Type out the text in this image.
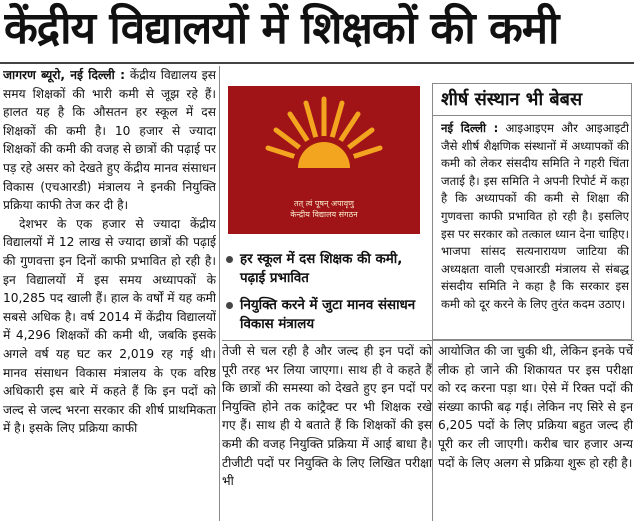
केंद्रीय विद्यालयों में शिक्षकों की कमी

जागरण ब्यूरो, नई दिल्ली : केंद्रीय विद्यालय इस समय शिक्षकों की भारी कमी से जूझ रहे हैं। हालत यह है कि औसतन हर स्कूल में दस शिक्षकों की कमी है। 10 हजार से ज्यादा शिक्षकों की कमी की वजह से छात्रों की पढ़ाई पर पड़ रहे असर को देखते हुए केंद्रीय मानव संसाधन विकास (एचआरडी) मंत्रालय ने इनकी नियुक्ति प्रक्रिया काफी तेज कर दी है।

देशभर के एक हजार से ज्यादा केंद्रीय विद्यालयों में 12 लाख से ज्यादा छात्रों की पढ़ाई की गुणवत्ता इन दिनों काफी प्रभावित हो रही है। इन विद्यालयों में इस समय अध्यापकों के 10,285 पद खाली हैं। हाल के वर्षों में यह कमी सबसे अधिक है। वर्ष 2014 में केंद्रीय विद्यालयों में 4,296 शिक्षकों की कमी थी, जबकि इसके अगले वर्ष यह घट कर 2,019 रह गई थी। मानव संसाधन विकास मंत्रालय के एक वरिष्ठ अधिकारी इस बारे में कहते हैं कि इन पदों को जल्द से जल्द भरना सरकार की शीर्ष प्राथमिकता में है। इसके लिए प्रक्रिया काफी

तत् त्वं पूषन् अपावृणु
केन्द्रीय विद्यालय संगठन
हर स्कूल में दस शिक्षक की कमी, पढ़ाई प्रभावित
नियुक्ति करने में जुटा मानव संसाधन विकास मंत्रालय
शीर्ष संस्थान भी बेबस

नई दिल्ली : आइआइएम और आइआइटी जैसे शीर्ष शैक्षणिक संस्थानों में अध्यापकों की कमी को लेकर संसदीय समिति ने गहरी चिंता जताई है। इस समिति ने अपनी रिपोर्ट में कहा है कि अध्यापकों की कमी से शिक्षा की गुणवत्ता काफी प्रभावित हो रही है। इसलिए इस पर सरकार को तत्काल ध्यान देना चाहिए। भाजपा सांसद सत्यनारायण जाटिया की अध्यक्षता वाली एचआरडी मंत्रालय से संबद्ध संसदीय समिति ने कहा है कि सरकार इस कमी को दूर करने के लिए तुरंत कदम उठाए।

तेजी से चल रही है और जल्द ही इन पदों को पूरी तरह भर लिया जाएगा। साथ ही वे कहते हैं कि छात्रों की समस्या को देखते हुए इन पदों पर नियुक्ति होने तक कांट्रैक्ट पर भी शिक्षक रखे गए हैं। साथ ही ये बताते हैं कि शिक्षकों की इस कमी की वजह नियुक्ति प्रक्रिया में आई बाधा है। टीजीटी पदों पर नियुक्ति के लिए लिखित परीक्षा भी

आयोजित की जा चुकी थी, लेकिन इनके पर्चे लीक हो जाने की शिकायत पर इस परीक्षा को रद करना पड़ा था। ऐसे में रिक्त पदों की संख्या काफी बढ़ गई। लेकिन नए सिरे से इन 6,205 पदों के लिए प्रक्रिया बहुत जल्द ही पूरी कर ली जाएगी। करीब चार हजार अन्य पदों के लिए अलग से प्रक्रिया शुरू हो रही है।
